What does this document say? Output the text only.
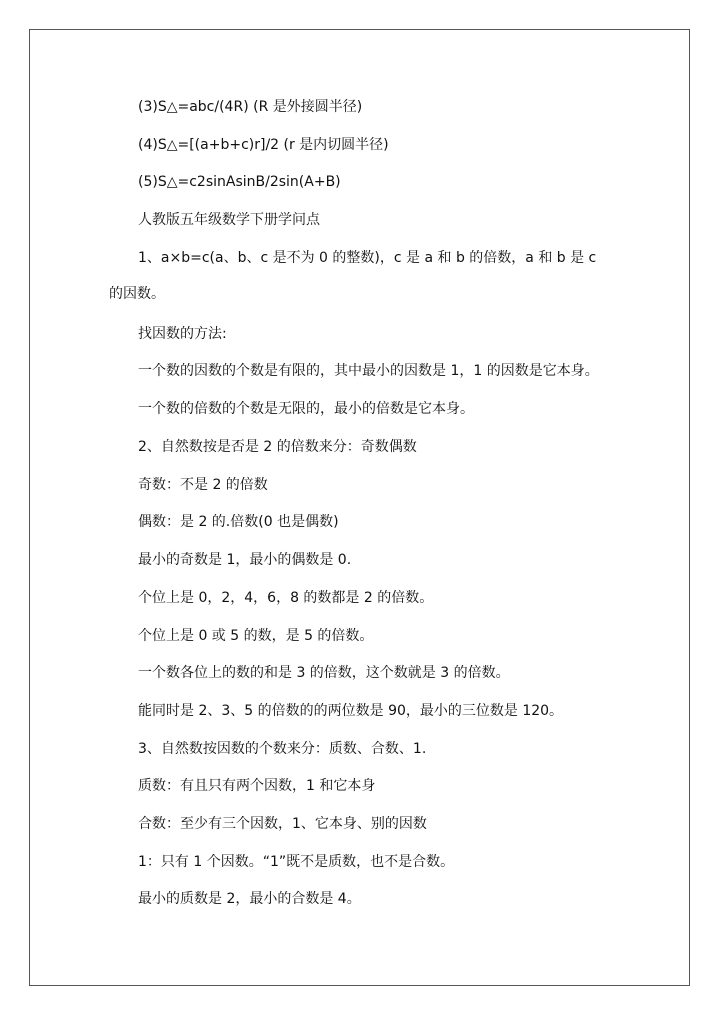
(3)S△=abc/(4R) (R 是外接圆半径)
(4)S△=[(a+b+c)r]/2 (r 是内切圆半径)
(5)S△=c2sinAsinB/2sin(A+B)
人教版五年级数学下册学问点
1、a×b=c(a、b、c 是不为 0 的整数)，c 是 a 和 b 的倍数，a 和 b 是 c 的因数。
找因数的方法:
一个数的因数的个数是有限的，其中最小的因数是 1，1 的因数是它本身。
一个数的倍数的个数是无限的，最小的倍数是它本身。
2、自然数按是否是 2 的倍数来分：奇数偶数
奇数：不是 2 的倍数
偶数：是 2 的.倍数(0 也是偶数)
最小的奇数是 1，最小的偶数是 0.
个位上是 0，2，4，6，8 的数都是 2 的倍数。
个位上是 0 或 5 的数，是 5 的倍数。
一个数各位上的数的和是 3 的倍数，这个数就是 3 的倍数。
能同时是 2、3、5 的倍数的的两位数是 90，最小的三位数是 120。
3、自然数按因数的个数来分：质数、合数、1.
质数：有且只有两个因数，1 和它本身
合数：至少有三个因数，1、它本身、别的因数
1：只有 1 个因数。“1”既不是质数，也不是合数。
最小的质数是 2，最小的合数是 4。
